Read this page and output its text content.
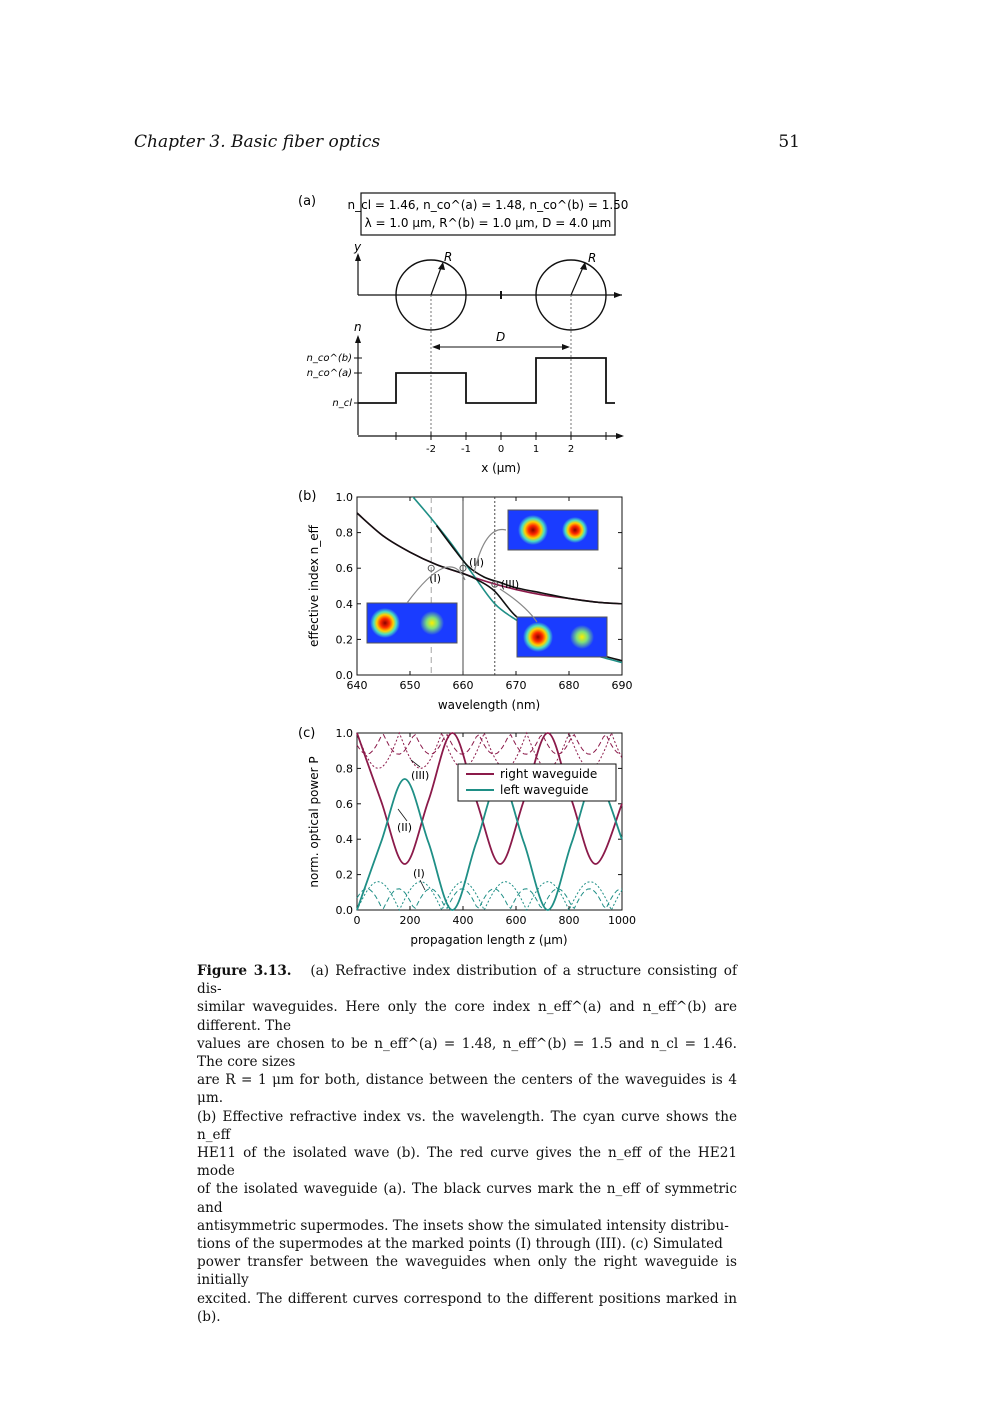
Chapter 3. Basic fiber optics	51
(a)	n_cl = 1.46, n_co^(a) = 1.48, n_co^(b) = 1.50
λ = 1.0 μm, R^(b) = 1.0 μm, D = 4.0 μm
y
R	R
D
n
n_co^(b)
n_co^(a)
n_cl
-2	-1	0	1	2
x (μm)
(b)
640	650	660	670	680	690
0.0
0.2
0.4
0.6
0.8
1.0
(I)
(II)
(III)
effective index n_eff
wavelength (nm)
(c)
0	200	400	600	800	1000
0.0
0.2
0.4
0.6
0.8
1.0
right waveguide
left waveguide
(III)
(II)
(I)
norm. optical power P
propagation length z (μm)
Figure 3.13. (a) Refractive index distribution of a structure consisting of dis-
similar waveguides. Here only the core index n_eff^(a) and n_eff^(b) are different. The
values are chosen to be n_eff^(a) = 1.48, n_eff^(b) = 1.5 and n_cl = 1.46. The core sizes
are R = 1 μm for both, distance between the centers of the waveguides is 4 μm.
(b) Effective refractive index vs. the wavelength. The cyan curve shows the n_eff
HE11 of the isolated wave (b). The red curve gives the n_eff of the HE21 mode
of the isolated waveguide (a). The black curves mark the n_eff of symmetric and
antisymmetric supermodes. The insets show the simulated intensity distribu-
tions of the supermodes at the marked points (I) through (III). (c) Simulated
power transfer between the waveguides when only the right waveguide is initially
excited. The different curves correspond to the different positions marked in (b).
